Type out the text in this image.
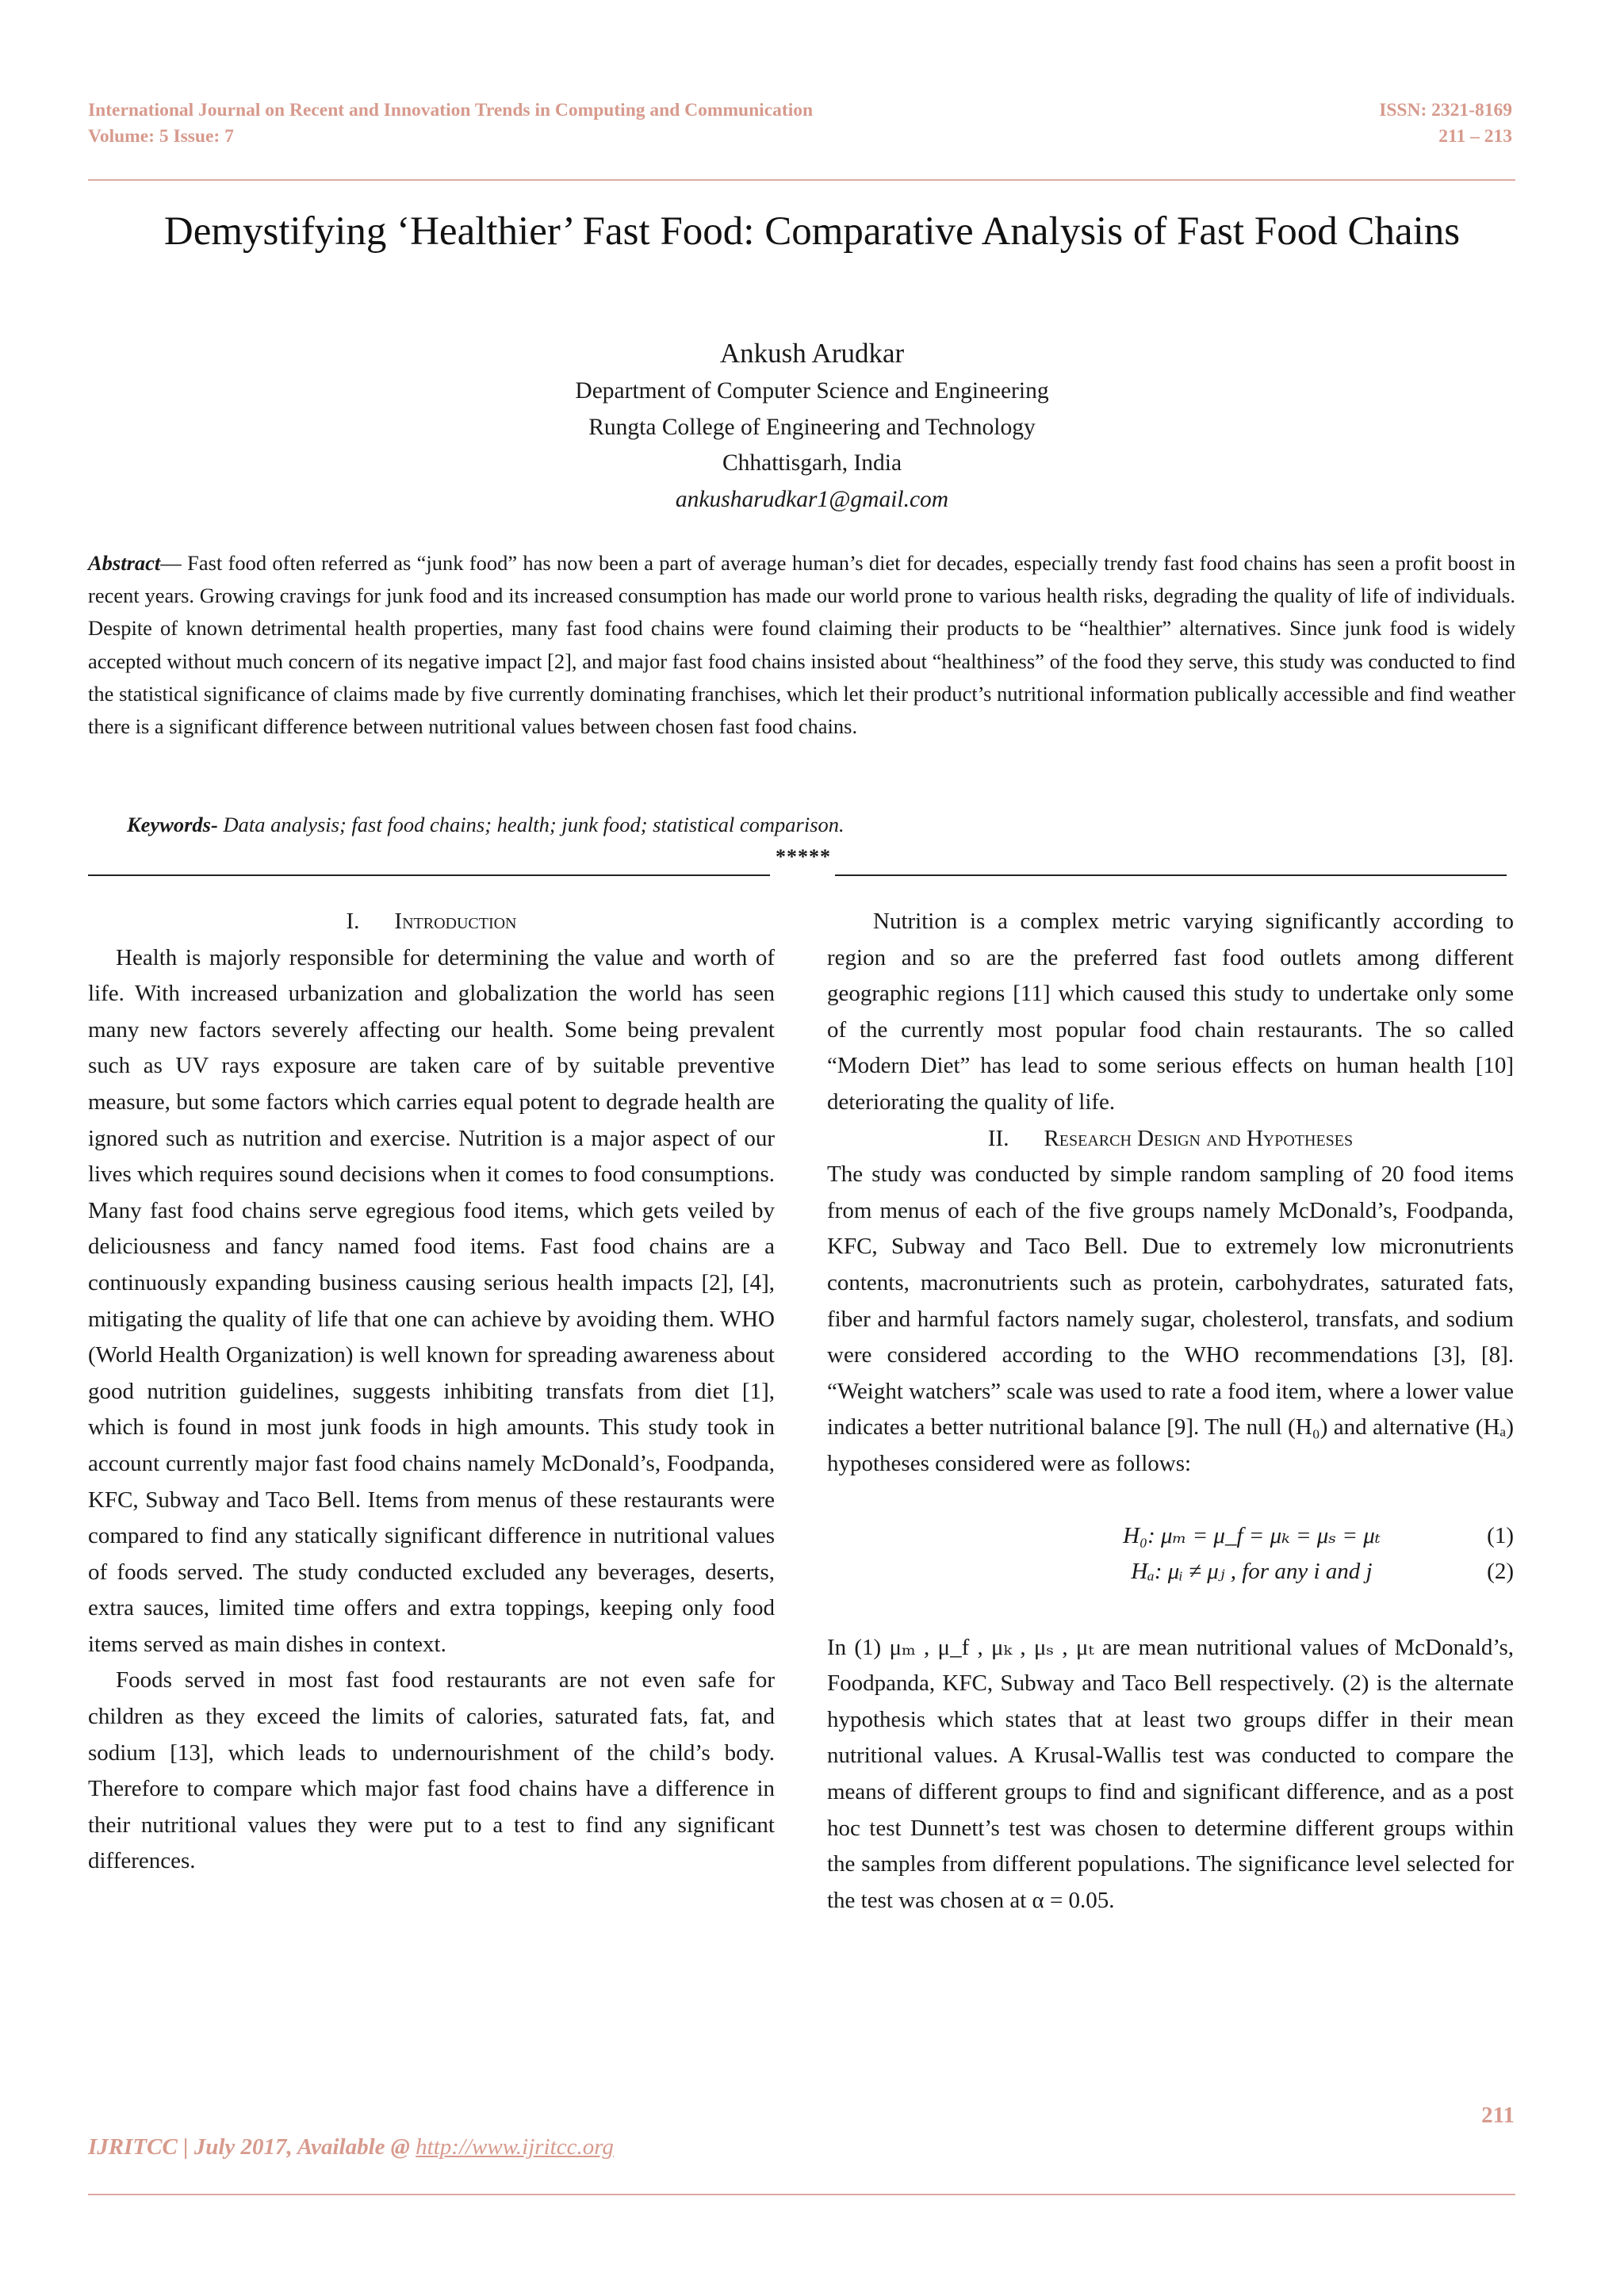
International Journal on Recent and Innovation Trends in Computing and Communication
Volume: 5 Issue: 7
ISSN: 2321-8169
211 – 213
Demystifying ‘Healthier’ Fast Food: Comparative Analysis of Fast Food Chains
Ankush Arudkar
Department of Computer Science and Engineering
Rungta College of Engineering and Technology
Chhattisgarh, India
ankusharudkar1@gmail.com
Abstract— Fast food often referred as “junk food” has now been a part of average human’s diet for decades, especially trendy fast food chains has seen a profit boost in recent years. Growing cravings for junk food and its increased consumption has made our world prone to various health risks, degrading the quality of life of individuals. Despite of known detrimental health properties, many fast food chains were found claiming their products to be “healthier” alternatives. Since junk food is widely accepted without much concern of its negative impact [2], and major fast food chains insisted about “healthiness” of the food they serve, this study was conducted to find the statistical significance of claims made by five currently dominating franchises, which let their product’s nutritional information publically accessible and find weather there is a significant difference between nutritional values between chosen fast food chains.
Keywords- Data analysis; fast food chains; health; junk food; statistical comparison.
*****

I. Introduction

Health is majorly responsible for determining the value and worth of life. With increased urbanization and globalization the world has seen many new factors severely affecting our health. Some being prevalent such as UV rays exposure are taken care of by suitable preventive measure, but some factors which carries equal potent to degrade health are ignored such as nutrition and exercise. Nutrition is a major aspect of our lives which requires sound decisions when it comes to food consumptions. Many fast food chains serve egregious food items, which gets veiled by deliciousness and fancy named food items. Fast food chains are a continuously expanding business causing serious health impacts [2], [4], mitigating the quality of life that one can achieve by avoiding them. WHO (World Health Organization) is well known for spreading awareness about good nutrition guidelines, suggests inhibiting transfats from diet [1], which is found in most junk foods in high amounts. This study took in account currently major fast food chains namely McDonald’s, Foodpanda, KFC, Subway and Taco Bell. Items from menus of these restaurants were compared to find any statically significant difference in nutritional values of foods served. The study conducted excluded any beverages, deserts, extra sauces, limited time offers and extra toppings, keeping only food items served as main dishes in context.

Foods served in most fast food restaurants are not even safe for children as they exceed the limits of calories, saturated fats, fat, and sodium [13], which leads to undernourishment of the child’s body. Therefore to compare which major fast food chains have a difference in their nutritional values they were put to a test to find any significant differences.

Nutrition is a complex metric varying significantly according to region and so are the preferred fast food outlets among different geographic regions [11] which caused this study to undertake only some of the currently most popular food chain restaurants. The so called “Modern Diet” has lead to some serious effects on human health [10] deteriorating the quality of life.

II. Research Design and Hypotheses

The study was conducted by simple random sampling of 20 food items from menus of each of the five groups namely McDonald’s, Foodpanda, KFC, Subway and Taco Bell. Due to extremely low micronutrients contents, macronutrients such as protein, carbohydrates, saturated fats, fiber and harmful factors namely sugar, cholesterol, transfats, and sodium were considered according to the WHO recommendations [3], [8]. “Weight watchers” scale was used to rate a food item, where a lower value indicates a better nutritional balance [9]. The null (H₀) and alternative (Hₐ) hypotheses considered were as follows:

H₀: μₘ = μ_f = μₖ = μₛ = μₜ	(1)
Hₐ: μᵢ ≠ μⱼ , for any i and j	(2)

In (1) μₘ , μ_f , μₖ , μₛ , μₜ are mean nutritional values of McDonald’s, Foodpanda, KFC, Subway and Taco Bell respectively. (2) is the alternate hypothesis which states that at least two groups differ in their mean nutritional values. A Krusal-Wallis test was conducted to compare the means of different groups to find and significant difference, and as a post hoc test Dunnett’s test was chosen to determine different groups within the samples from different populations. The significance level selected for the test was chosen at α = 0.05.

211
IJRITCC | July 2017, Available @ http://www.ijritcc.org
